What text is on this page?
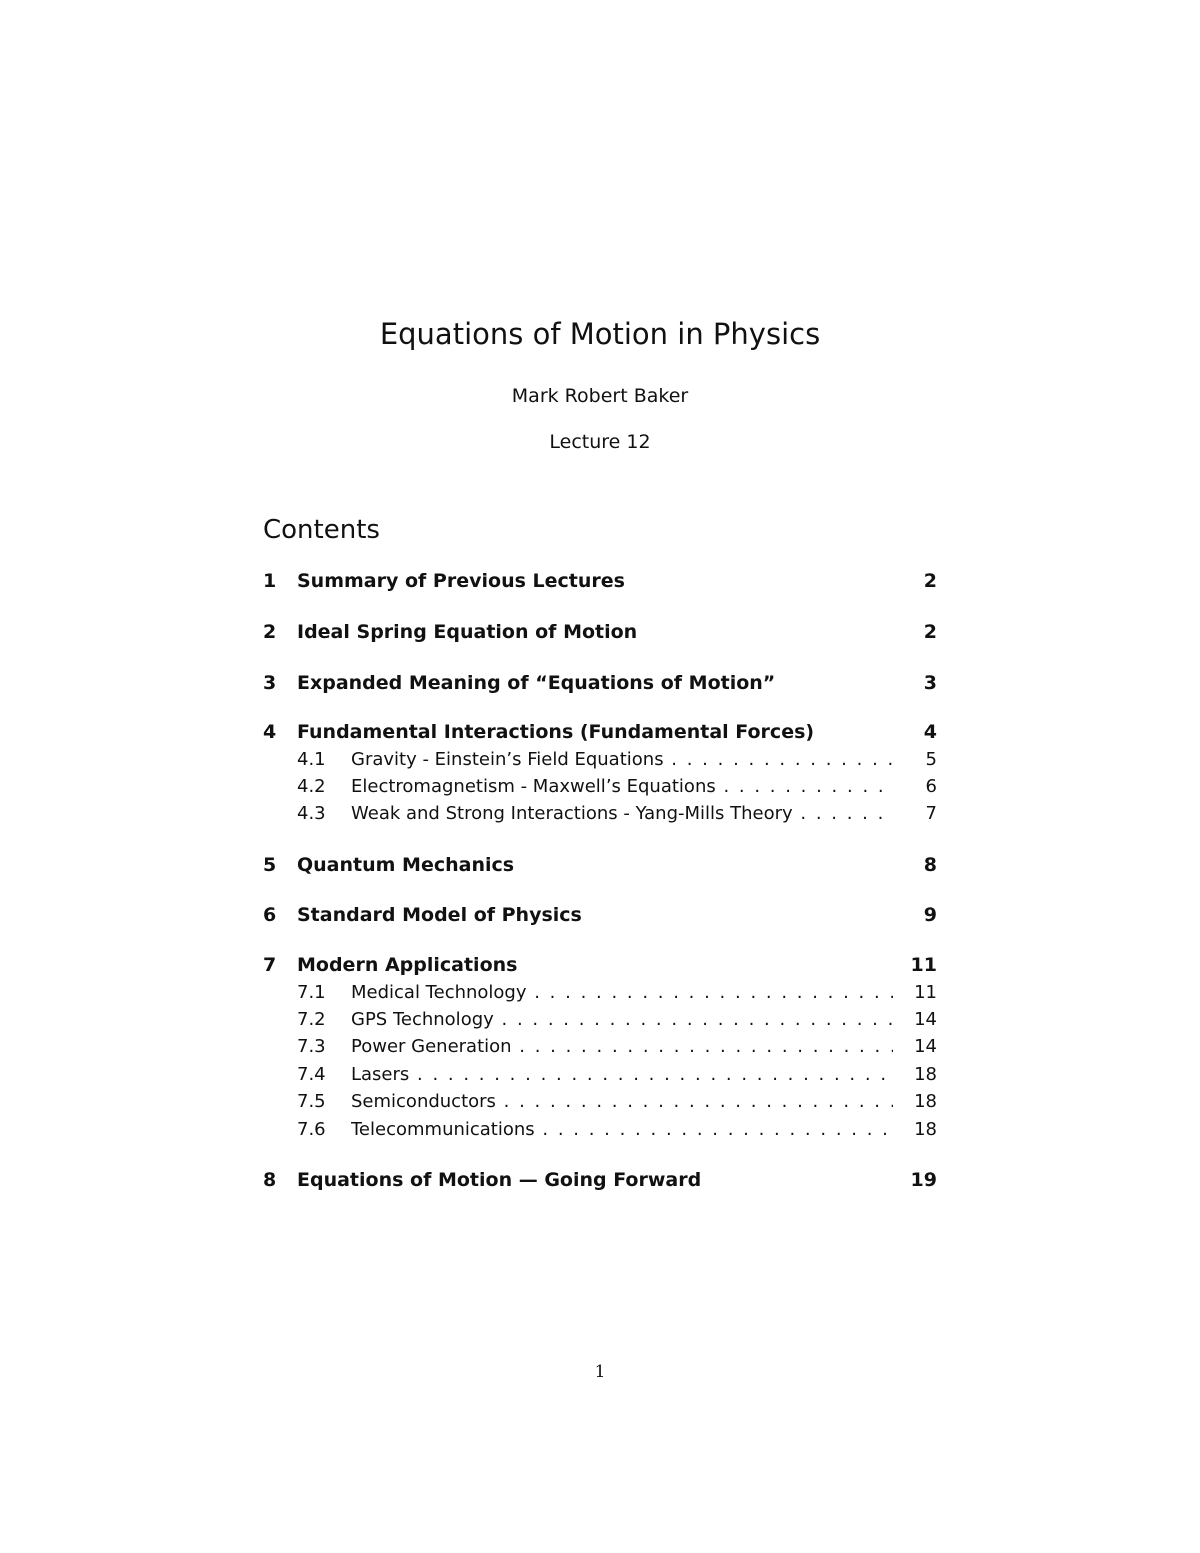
Equations of Motion in Physics
Mark Robert Baker
Lecture 12
Contents
1 Summary of Previous Lectures	2
2 Ideal Spring Equation of Motion	2
3 Expanded Meaning of “Equations of Motion”	3
4 Fundamental Interactions (Fundamental Forces)	4
4.1 Gravity - Einstein’s Field Equations . . .	5
4.2 Electromagnetism - Maxwell’s Equations . . .	6
4.3 Weak and Strong Interactions - Yang-Mills Theory . . .	7
5 Quantum Mechanics	8
6 Standard Model of Physics	9
7 Modern Applications	11
7.1 Medical Technology . . .	11
7.2 GPS Technology . . .	14
7.3 Power Generation . . .	14
7.4 Lasers . . .	18
7.5 Semiconductors . . .	18
7.6 Telecommunications . . .	18
8 Equations of Motion — Going Forward	19
1
